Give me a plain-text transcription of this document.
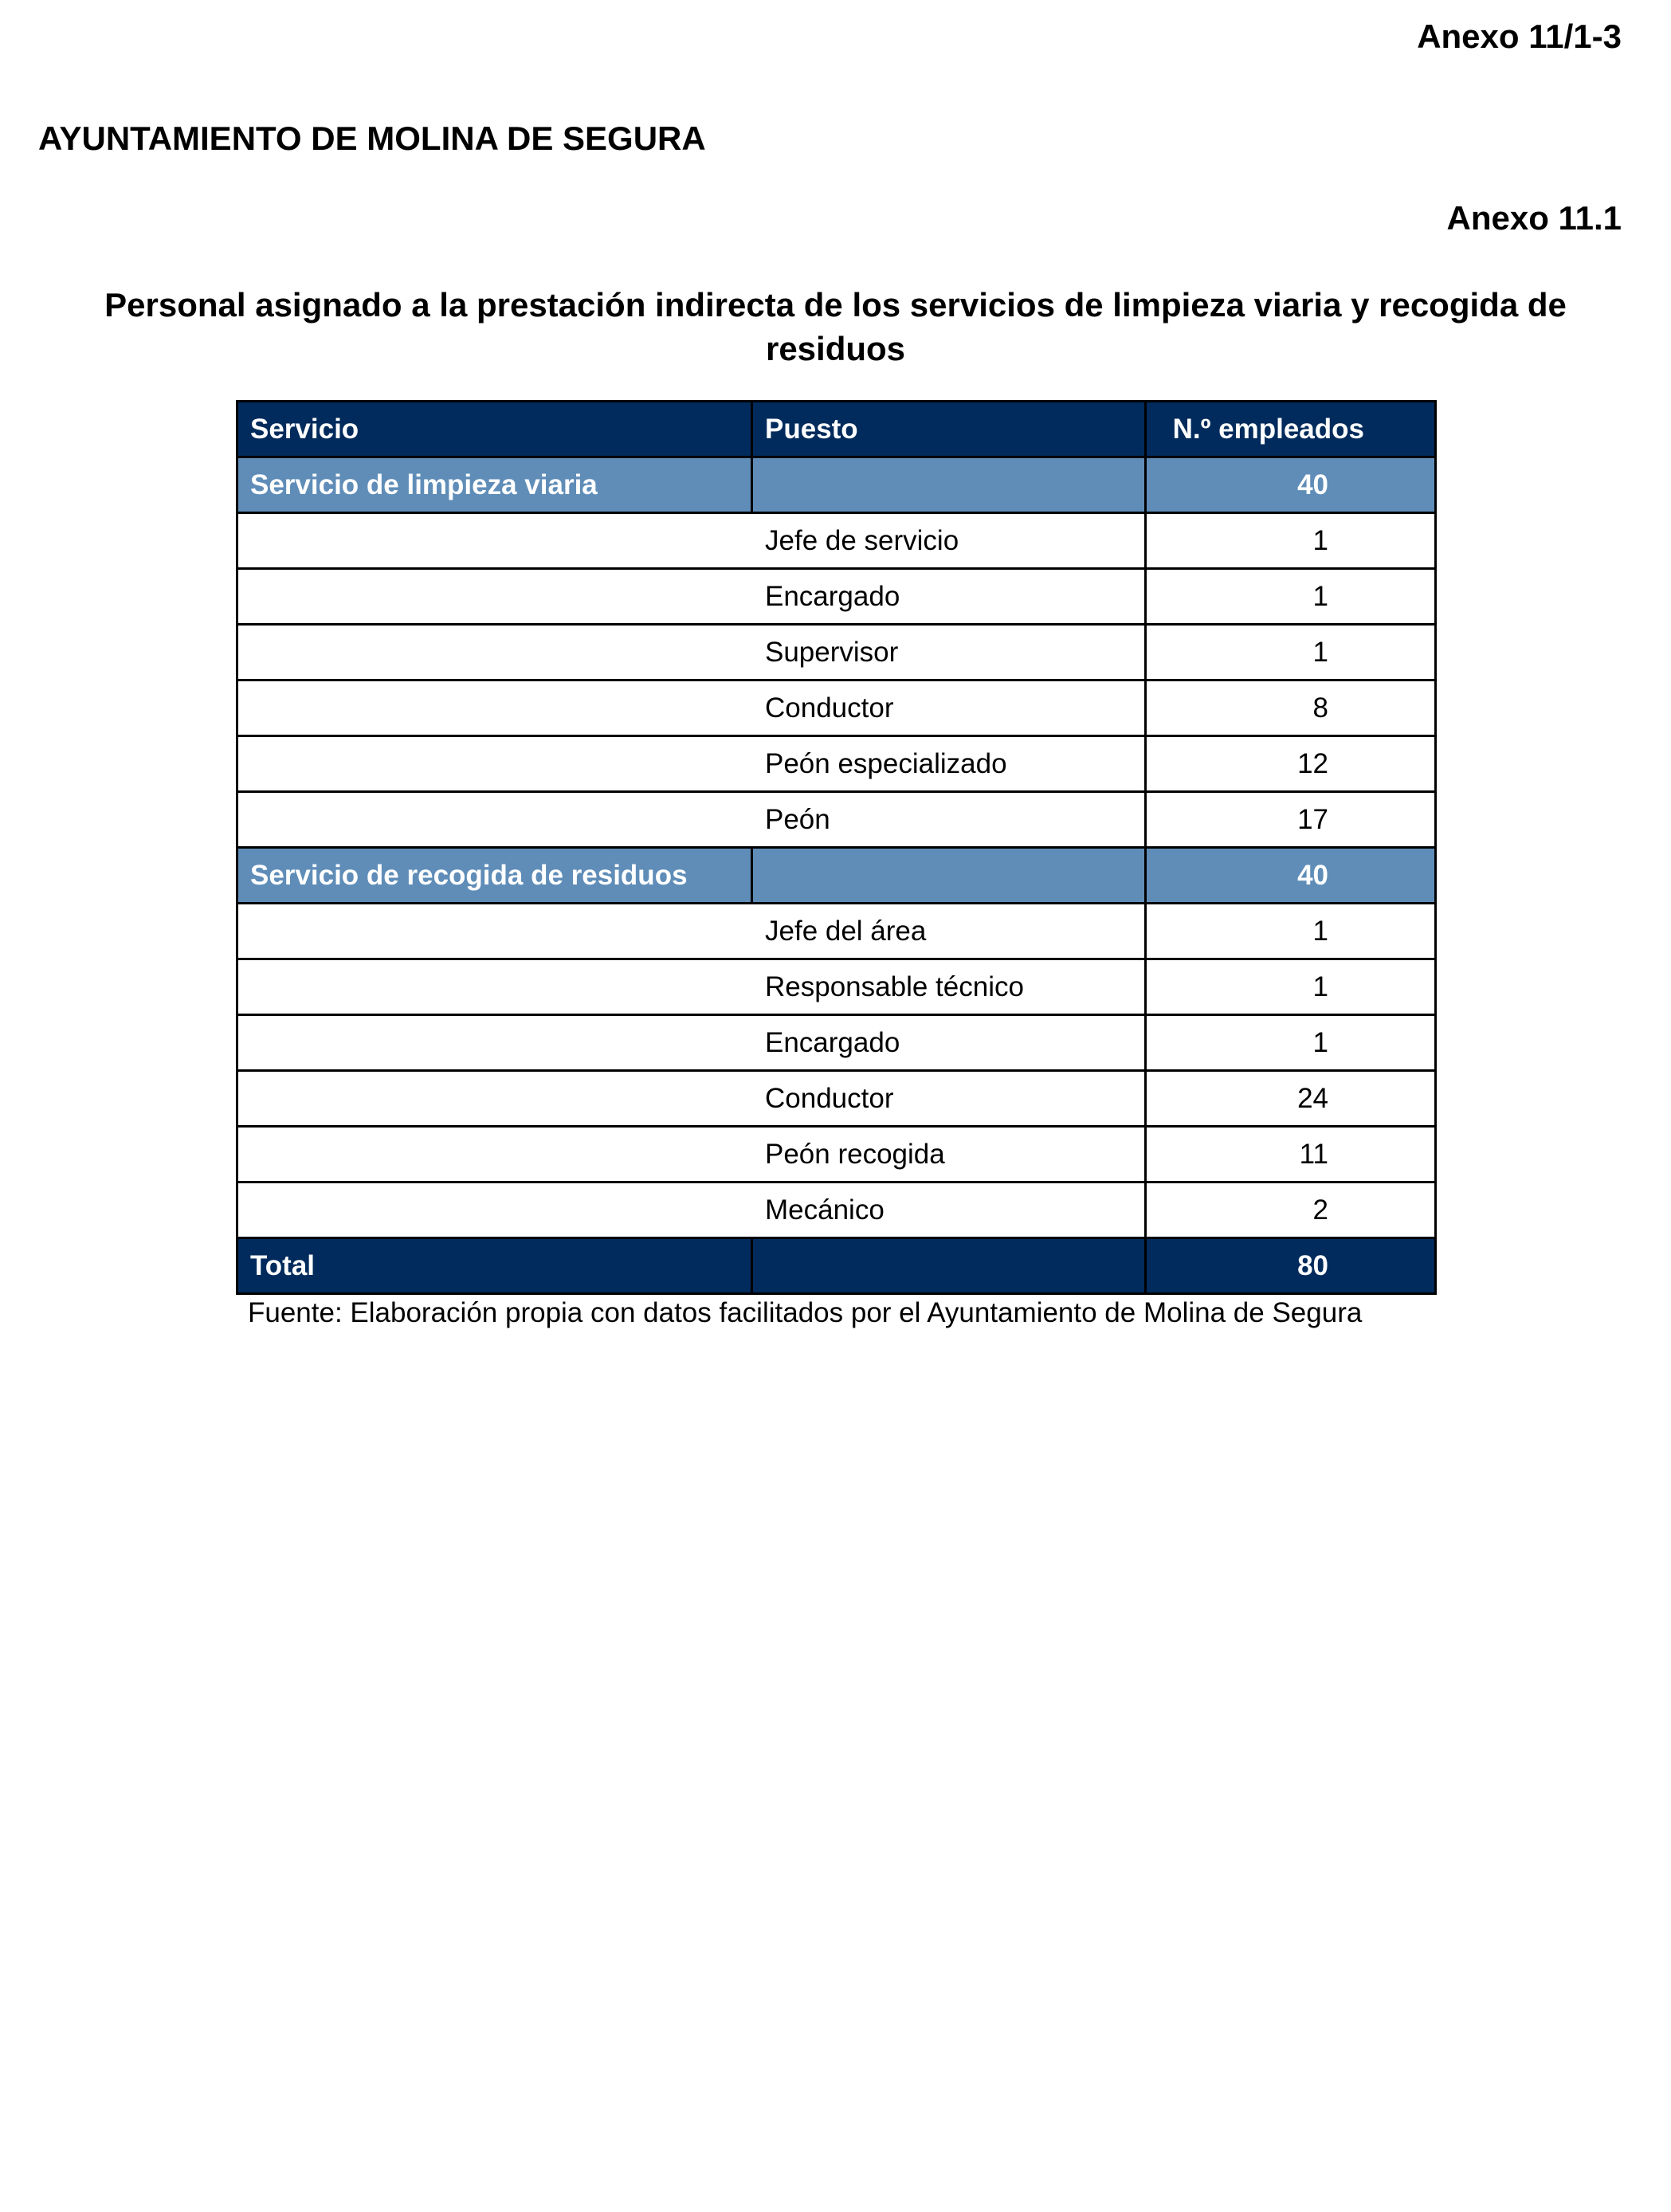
Anexo 11/1-3
AYUNTAMIENTO DE MOLINA DE SEGURA
Anexo 11.1
Personal asignado a la prestación indirecta de los servicios de limpieza viaria y recogida de residuos
Servicio	Puesto	N.º empleados
Servicio de limpieza viaria		40
	Jefe de servicio	1
	Encargado	1
	Supervisor	1
	Conductor	8
	Peón especializado	12
	Peón	17
Servicio de recogida de residuos		40
	Jefe del área	1
	Responsable técnico	1
	Encargado	1
	Conductor	24
	Peón recogida	11
	Mecánico	2
Total		80
Fuente: Elaboración propia con datos facilitados por el Ayuntamiento de Molina de Segura
